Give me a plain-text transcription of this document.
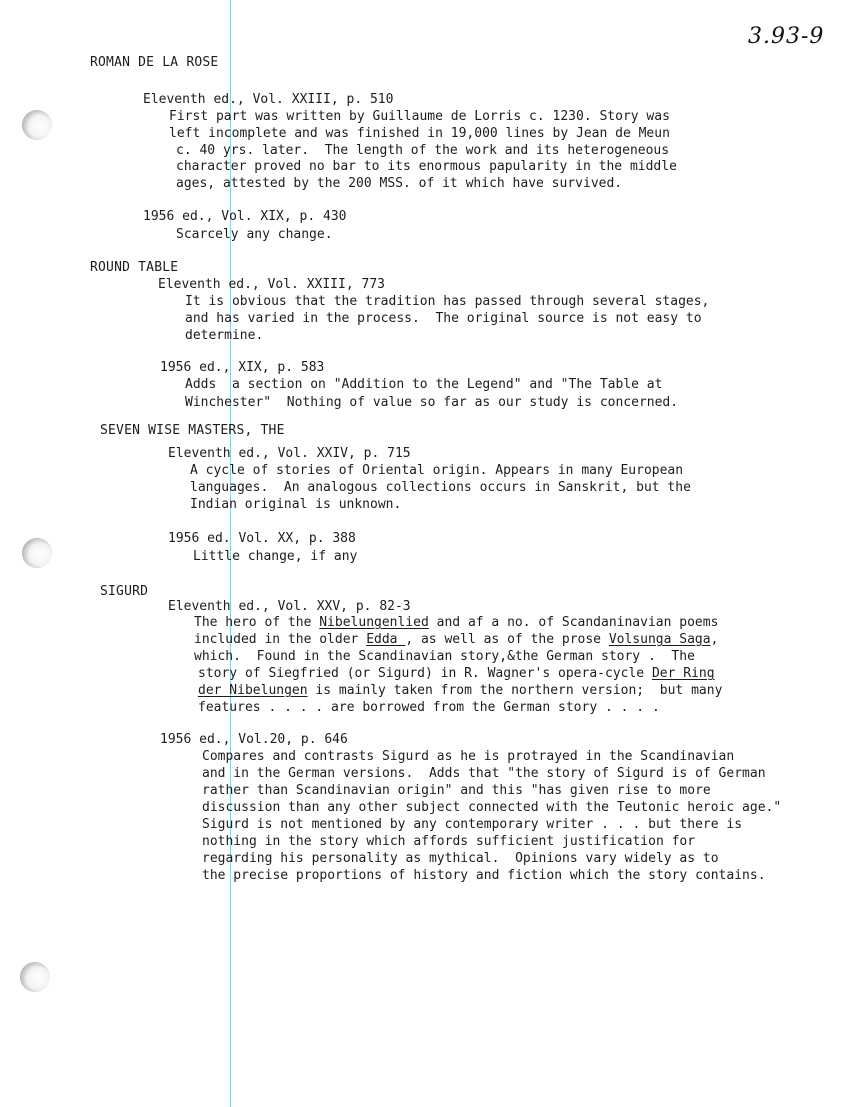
3.93-9
ROMAN DE LA ROSE
Eleventh ed., Vol. XXIII, p. 510
First part was written by Guillaume de Lorris c. 1230. Story was
left incomplete and was finished in 19,000 lines by Jean de Meun
c. 40 yrs. later.  The length of the work and its heterogeneous
character proved no bar to its enormous papularity in the middle
ages, attested by the 200 MSS. of it which have survived.
1956 ed., Vol. XIX, p. 430
Scarcely any change.
ROUND TABLE
Eleventh ed., Vol. XXIII, 773
It is obvious that the tradition has passed through several stages,
and has varied in the process.  The original source is not easy to
determine.
1956 ed., XIX, p. 583
Adds  a section on "Addition to the Legend" and "The Table at
Winchester"  Nothing of value so far as our study is concerned.
SEVEN WISE MASTERS, THE
Eleventh ed., Vol. XXIV, p. 715
A cycle of stories of Oriental origin. Appears in many European
languages.  An analogous collections occurs in Sanskrit, but the
Indian original is unknown.
1956 ed. Vol. XX, p. 388
Little change, if any
SIGURD
Eleventh ed., Vol. XXV, p. 82-3
The hero of the Nibelungenlied and af a no. of Scandaninavian poems
included in the older Edda , as well as of the prose Volsunga Saga,
which.  Found in the Scandinavian story,&the German story .  The
story of Siegfried (or Sigurd) in R. Wagner's opera-cycle Der Ring
der Nibelungen is mainly taken from the northern version;  but many
features . . . . are borrowed from the German story . . . .
1956 ed., Vol.20, p. 646
Compares and contrasts Sigurd as he is protrayed in the Scandinavian
and in the German versions.  Adds that "the story of Sigurd is of German
rather than Scandinavian origin" and this "has given rise to more
discussion than any other subject connected with the Teutonic heroic age."
Sigurd is not mentioned by any contemporary writer . . . but there is
nothing in the story which affords sufficient justification for
regarding his personality as mythical.  Opinions vary widely as to
the precise proportions of history and fiction which the story contains.
